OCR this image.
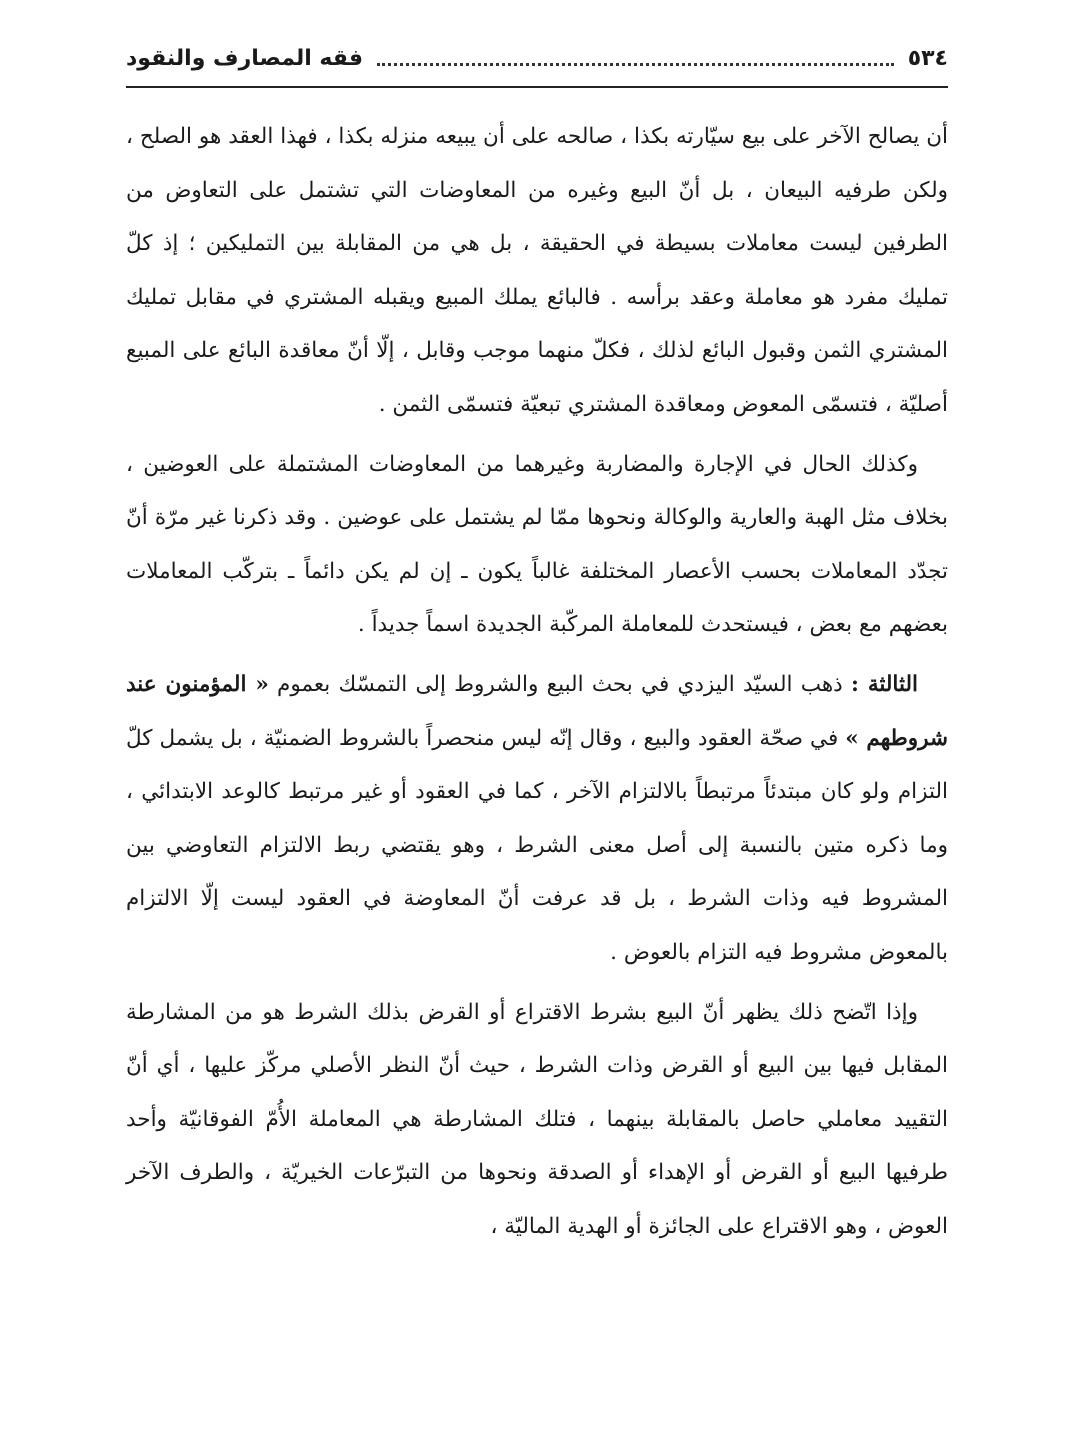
٥٣٤
فقه المصارف والنقود

أن يصالح الآخر على بيع سيّارته بكذا ، صالحه على أن يبيعه منزله بكذا ، فهذا العقد هو الصلح ، ولكن طرفيه البيعان ، بل أنّ البيع وغيره من المعاوضات التي تشتمل على التعاوض من الطرفين ليست معاملات بسيطة في الحقيقة ، بل هي من المقابلة بين التمليكين ؛ إذ كلّ تمليك مفرد هو معاملة وعقد برأسه . فالبائع يملك المبيع ويقبله المشتري في مقابل تمليك المشتري الثمن وقبول البائع لذلك ، فكلّ منهما موجب وقابل ، إلّا أنّ معاقدة البائع على المبيع أصليّة ، فتسمّى المعوض ومعاقدة المشتري تبعيّة فتسمّى الثمن .

وكذلك الحال في الإجارة والمضاربة وغيرهما من المعاوضات المشتملة على العوضين ، بخلاف مثل الهبة والعارية والوكالة ونحوها ممّا لم يشتمل على عوضين . وقد ذكرنا غير مرّة أنّ تجدّد المعاملات بحسب الأعصار المختلفة غالباً يكون ـ إن لم يكن دائماً ـ بتركّب المعاملات بعضهم مع بعض ، فيستحدث للمعاملة المركّبة الجديدة اسماً جديداً .

الثالثة : ذهب السيّد اليزدي في بحث البيع والشروط إلى التمسّك بعموم « المؤمنون عند شروطهم » في صحّة العقود والبيع ، وقال إنّه ليس منحصراً بالشروط الضمنيّة ، بل يشمل كلّ التزام ولو كان مبتدئاً مرتبطاً بالالتزام الآخر ، كما في العقود أو غير مرتبط كالوعد الابتدائي ، وما ذكره متين بالنسبة إلى أصل معنى الشرط ، وهو يقتضي ربط الالتزام التعاوضي بين المشروط فيه وذات الشرط ، بل قد عرفت أنّ المعاوضة في العقود ليست إلّا الالتزام بالمعوض مشروط فيه التزام بالعوض .

وإذا اتّضح ذلك يظهر أنّ البيع بشرط الاقتراع أو القرض بذلك الشرط هو من المشارطة المقابل فيها بين البيع أو القرض وذات الشرط ، حيث أنّ النظر الأصلي مركّز عليها ، أي أنّ التقييد معاملي حاصل بالمقابلة بينهما ، فتلك المشارطة هي المعاملة الأُمّ الفوقانيّة وأحد طرفيها البيع أو القرض أو الإهداء أو الصدقة ونحوها من التبرّعات الخيريّة ، والطرف الآخر العوض ، وهو الاقتراع على الجائزة أو الهدية الماليّة ،
